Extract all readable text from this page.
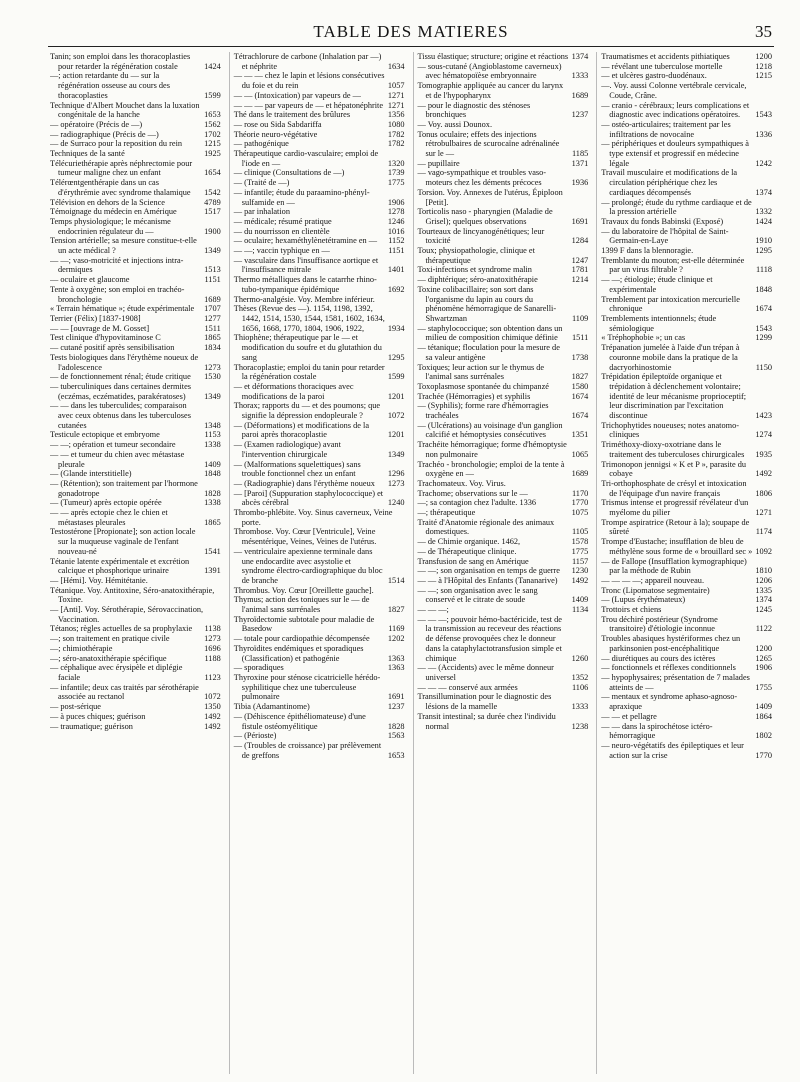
TABLE DES MATIERES	35
Tanin; son emploi dans les thoracoplasties pour retarder la régénération costale	1424
—; action retardante du — sur la régénération osseuse au cours des thoracoplasties	1599
Technique d'Albert Mouchet dans la luxation congénitale de la hanche	1653
— opératoire (Précis de —)	1562
— radiographique (Précis de —)	1702
— de Surraco pour la reposition du rein	1215
Techniques de la santé	1925
Télécuriethérapie après néphrectomie pour tumeur maligne chez un enfant	1654
Télérœntgenthérapie dans un cas d'érythrémie avec syndrome thalamique	1542
Télévision en dehors de la Science	4789
Témoignage du médecin en Amérique	1517
Temps physiologique; le mécanisme endocrinien régulateur du —	1900
Tension artérielle; sa mesure constitue-t-elle un acte médical ?	1349
— —; vaso-motricité et injections intra-dermiques	1513
— oculaire et glaucome	1151
Tente à oxygène; son emploi en trachéo-bronchologie	1689
« Terrain hématique »; étude expérimentale	1707
Terrier (Félix) [1837-1908]	1277
— — [ouvrage de M. Gosset]	1511
Test clinique d'hypovitaminose C	1865
— cutané positif après sensibilisation	1834
Tests biologiques dans l'érythème noueux de l'adolescence	1273
— de fonctionnement rénal; étude critique	1530
— tuberculiniques dans certaines dermites (eczémas, eczématides, parakératoses)	1349
— — dans les tuberculides; comparaison avec ceux obtenus dans les tuberculoses cutanées	1348
Testicule ectopique et embryome	1153
— —; opération et tumeur secondaire	1338
— — et tumeur du chien avec métastase pleurale	1409
— (Glande interstitielle)	1848
— (Rétention); son traitement par l'hormone gonadotrope	1828
— (Tumeur) après ectopie opérée	1338
— — après ectopie chez le chien et métastases pleurales	1865
Testostérone [Propionate]; son action locale sur la muqueuse vaginale de l'enfant nouveau-né	1541
Tétanie latente expérimentale et excrétion calcique et phosphorique urinaire	1391
— [Hémi]. Voy. Hémitétanie.
Tétanique. Voy. Antitoxine, Séro-anatoxithérapie, Toxine.
— [Anti]. Voy. Sérothérapie, Sérovaccination, Vaccination.
Tétanos; règles actuelles de sa prophylaxie	1138
—; son traitement en pratique civile	1273
—; chimiothérapie	1696
—; séro-anatoxithérapie spécifique	1188
— céphalique avec érysipèle et diplégie faciale	1123
— infantile; deux cas traités par sérothérapie associée au rectanol	1072
— post-sérique	1350
— à puces chiques; guérison	1492
— traumatique; guérison	1492
Tétrachlorure de carbone (Inhalation par —) et néphrite	1634
— — — chez le lapin et lésions consécutives du foie et du rein	1057
— — (Intoxication) par vapeurs de —	1271
— — — par vapeurs de — et hépatonéphrite 1271
Thé dans le traitement des brûlures	1356
— rose ou Sida Sabdariffa	1080
Théorie neuro-végétative	1782
— pathogénique	1782
Thérapeutique cardio-vasculaire; emploi de l'iode en —	1320
— clinique (Consultations de —)	1739
— (Traité de —)	1775
— infantile; étude du paraamino-phényl-sulfamide en —	1906
— par inhalation	1278
— médicale; résumé pratique	1246
— du nourrisson en clientèle	1016
— oculaire; hexaméthylènetétramine en —	1152
— —; vaccin typhique en —	1151
— vasculaire dans l'insuffisance aortique et l'insuffisance mitrale	1401
Thermo métalliques dans le catarrhe rhino-tubo-tympanique épidémique	1692
Thermo-analgésie. Voy. Membre inférieur.
Thèses (Revue des —). 1154, 1198, 1392, 1442, 1514, 1530, 1544, 1581, 1602, 1634, 1656, 1668, 1770, 1804, 1906, 1922,	1934
Thiophène; thérapeutique par le — et modification du soufre et du glutathion du sang	1295
Thoracoplastie; emploi du tanin pour retarder la régénération costale	1599
— et déformations thoraciques avec modifications de la paroi	1201
Thorax; rapports du — et des poumons; que signifie la dépression endopleurale ?	1072
— (Déformations) et modifications de la paroi après thoracoplastie	1201
— (Examen radiologique) avant l'intervention chirurgicale	1349
— (Malformations squelettiques) sans trouble fonctionnel chez un enfant	1296
— (Radiographie) dans l'érythème noueux	1273
— [Paroi] (Suppuration staphylococcique) et abcès cérébral	1240
Thrombo-phlébite. Voy. Sinus caverneux, Veine porte.
Thrombose. Voy. Cœur [Ventricule], Veine mésentérique, Veines, Veines de l'utérus.
— ventriculaire apexienne terminale dans une endocardite avec asystolie et syndrome électro-cardiographique du bloc de branche	1514
Thrombus. Voy. Cœur [Oreillette gauche].
Thymus; action des toniques sur le — de l'animal sans surrénales	1827
Thyroïdectomie subtotale pour maladie de Basedow	1169
— totale pour cardiopathie décompensée	1202
Thyroïdites endémiques et sporadiques (Classification) et pathogénie	1363
— sporadiques	1363
Thyroxine pour sténose cicatricielle hérédo-syphilitique chez une tuberculeuse pulmonaire	1691
Tibia (Adamantinome)	1237
— (Déhiscence épithéliomateuse) d'une fistule ostéomyélitique	1828
— (Périoste)	1563
— (Troubles de croissance) par prélèvement de greffons	1653
Tissu élastique; structure; origine et réactions 1374
— sous-cutané (Angioblastome caverneux) avec hématopoïèse embryonnaire	1333
Tomographie appliquée au cancer du larynx et de l'hypopharynx	1689
— pour le diagnostic des sténoses bronchiques	1237
— Voy. aussi Dounox.
Tonus oculaire; effets des injections rétrobulbaires de scurocaïne adrénalinée sur le —	1185
— pupillaire	1371
— vago-sympathique et troubles vaso-moteurs chez les déments précoces	1936
Torsion. Voy. Annexes de l'utérus, Épiploon [Petit].
Torticolis naso - pharyngien (Maladie de Grisel); quelques observations	1691
Tourteaux de lincyanogénétiques; leur toxicité	1284
Toux; physiopathologie, clinique et thérapeutique	1247
Toxi-infections et syndrome malin	1781
— diphtérique; séro-anatoxithérapie	1214
Toxine colibacillaire; son sort dans l'organisme du lapin au cours du phénomène hémorragique de Sanarelli-Shwartzman	1109
— staphylococcique; son obtention dans un milieu de composition chimique définie	1511
— tétanique; floculation pour la mesure de sa valeur antigène	1738
Toxiques; leur action sur le thymus de l'animal sans surrénales	1827
Toxoplasmose spontanée du chimpanzé	1580
Trachée (Hémorragies) et syphilis	1674
— (Syphilis); forme rare d'hémorragies trachéales	1674
— (Ulcérations) au voisinage d'un ganglion calcifié et hémoptysies consécutives	1351
Trachéite hémorragique; forme d'hémoptysie non pulmonaire	1065
Trachéo - bronchologie; emploi de la tente à oxygène en —	1689
Trachomateux. Voy. Virus.
Trachome; observations sur le —	1170
—; sa contagion chez l'adulte. 1336	1770
—; thérapeutique	1075
Traité d'Anatomie régionale des animaux domestiques.	1105
— de Chimie organique. 1462,	1578
— de Thérapeutique clinique.	1775
Transfusion de sang en Amérique	1157
— —; son organisation en temps de guerre	1230
— — à l'Hôpital des Enfants (Tananarive)	1492
— —; son organisation avec le sang conservé et le citrate de soude	1409
— — —;	1134
— — —; pouvoir hémo-bactéricide, test de la transmission au receveur des réactions de défense provoquées chez le donneur dans la cataphylactotransfusion simple et chimique	1260
— — (Accidents) avec le même donneur universel	1352
— — — conservé aux armées	1106
Transillumination pour le diagnostic des lésions de la mamelle	1333
Transit intestinal; sa durée chez l'individu normal	1238
Traumatismes et accidents pithiatiques	1200
— révélant une tuberculose mortelle	1218
— et ulcères gastro-duodénaux.	1215
—. Voy. aussi Colonne vertébrale cervicale, Coude, Crâne.
— cranio - cérébraux; leurs complications et diagnostic avec indications opératoires.	1543
— ostéo-articulaires; traitement par les infiltrations de novocaïne	1336
— périphériques et douleurs sympathiques à type extensif et progressif en médecine légale	1242
Travail musculaire et modifications de la circulation périphérique chez les cardiaques décompensés	1374
— prolongé; étude du rythme cardiaque et de la pression artérielle	1332
Travaux du fonds Babinski (Exposé)	1424
— du laboratoire de l'hôpital de Saint-Germain-en-Laye	1910
1399 F dans la blennoragie.	1295
Tremblante du mouton; est-elle déterminée par un virus filtrable ?	1118
— —; étiologie; étude clinique et expérimentale	1848
Tremblement par intoxication mercurielle chronique	1674
Tremblements intentionnels; étude sémiologique	1543
« Tréphophobie »; un cas	1299
Trépanation jumelée à l'aide d'un trépan à couronne mobile dans la pratique de la dacryorhinostomie	1150
Trépidation épileptoïde organique et trépidation à déclenchement volontaire; identité de leur mécanisme proprioceptif; leur discrimination par l'excitation discontinue	1423
Trichophytides noueuses; notes anatomo-cliniques	1274
Triméthoxy-dioxy-oxotriane dans le traitement des tuberculoses chirurgicales	1935
Trimonopon jennigsi « K et P », parasite du cobaye	1492
Tri-orthophosphate de crésyl et intoxication de l'équipage d'un navire français	1806
Trismus intense et progressif révélateur d'un myélome du pilier	1271
Trompe aspiratrice (Retour à la); soupape de sûreté	1174
Trompe d'Eustache; insufflation de bleu de méthylène sous forme de « brouillard sec » 1092
— de Fallope (Insufflation kymographique) par la méthode de Rubin	1810
— — — —; appareil nouveau.	1206
Tronc (Lipomatose segmentaire)	1335
— (Lupus érythémateux)	1374
Trottoirs et chiens	1245
Trou déchiré postérieur (Syndrome transitoire) d'étiologie inconnue	1122
Troubles abasiques hystériformes chez un parkinsonien post-encéphalitique	1200
— diurétiques au cours des ictères	1265
— fonctionnels et réflexes conditionnels	1906
— hypophysaires; présentation de 7 malades atteints de —	1755
— mentaux et syndrome aphaso-agnoso-apraxique	1409
— — et pellagre	1864
— — dans la spirochétose ictéro-hémorragique	1802
— neuro-végétatifs des épileptiques et leur action sur la crise	1770
